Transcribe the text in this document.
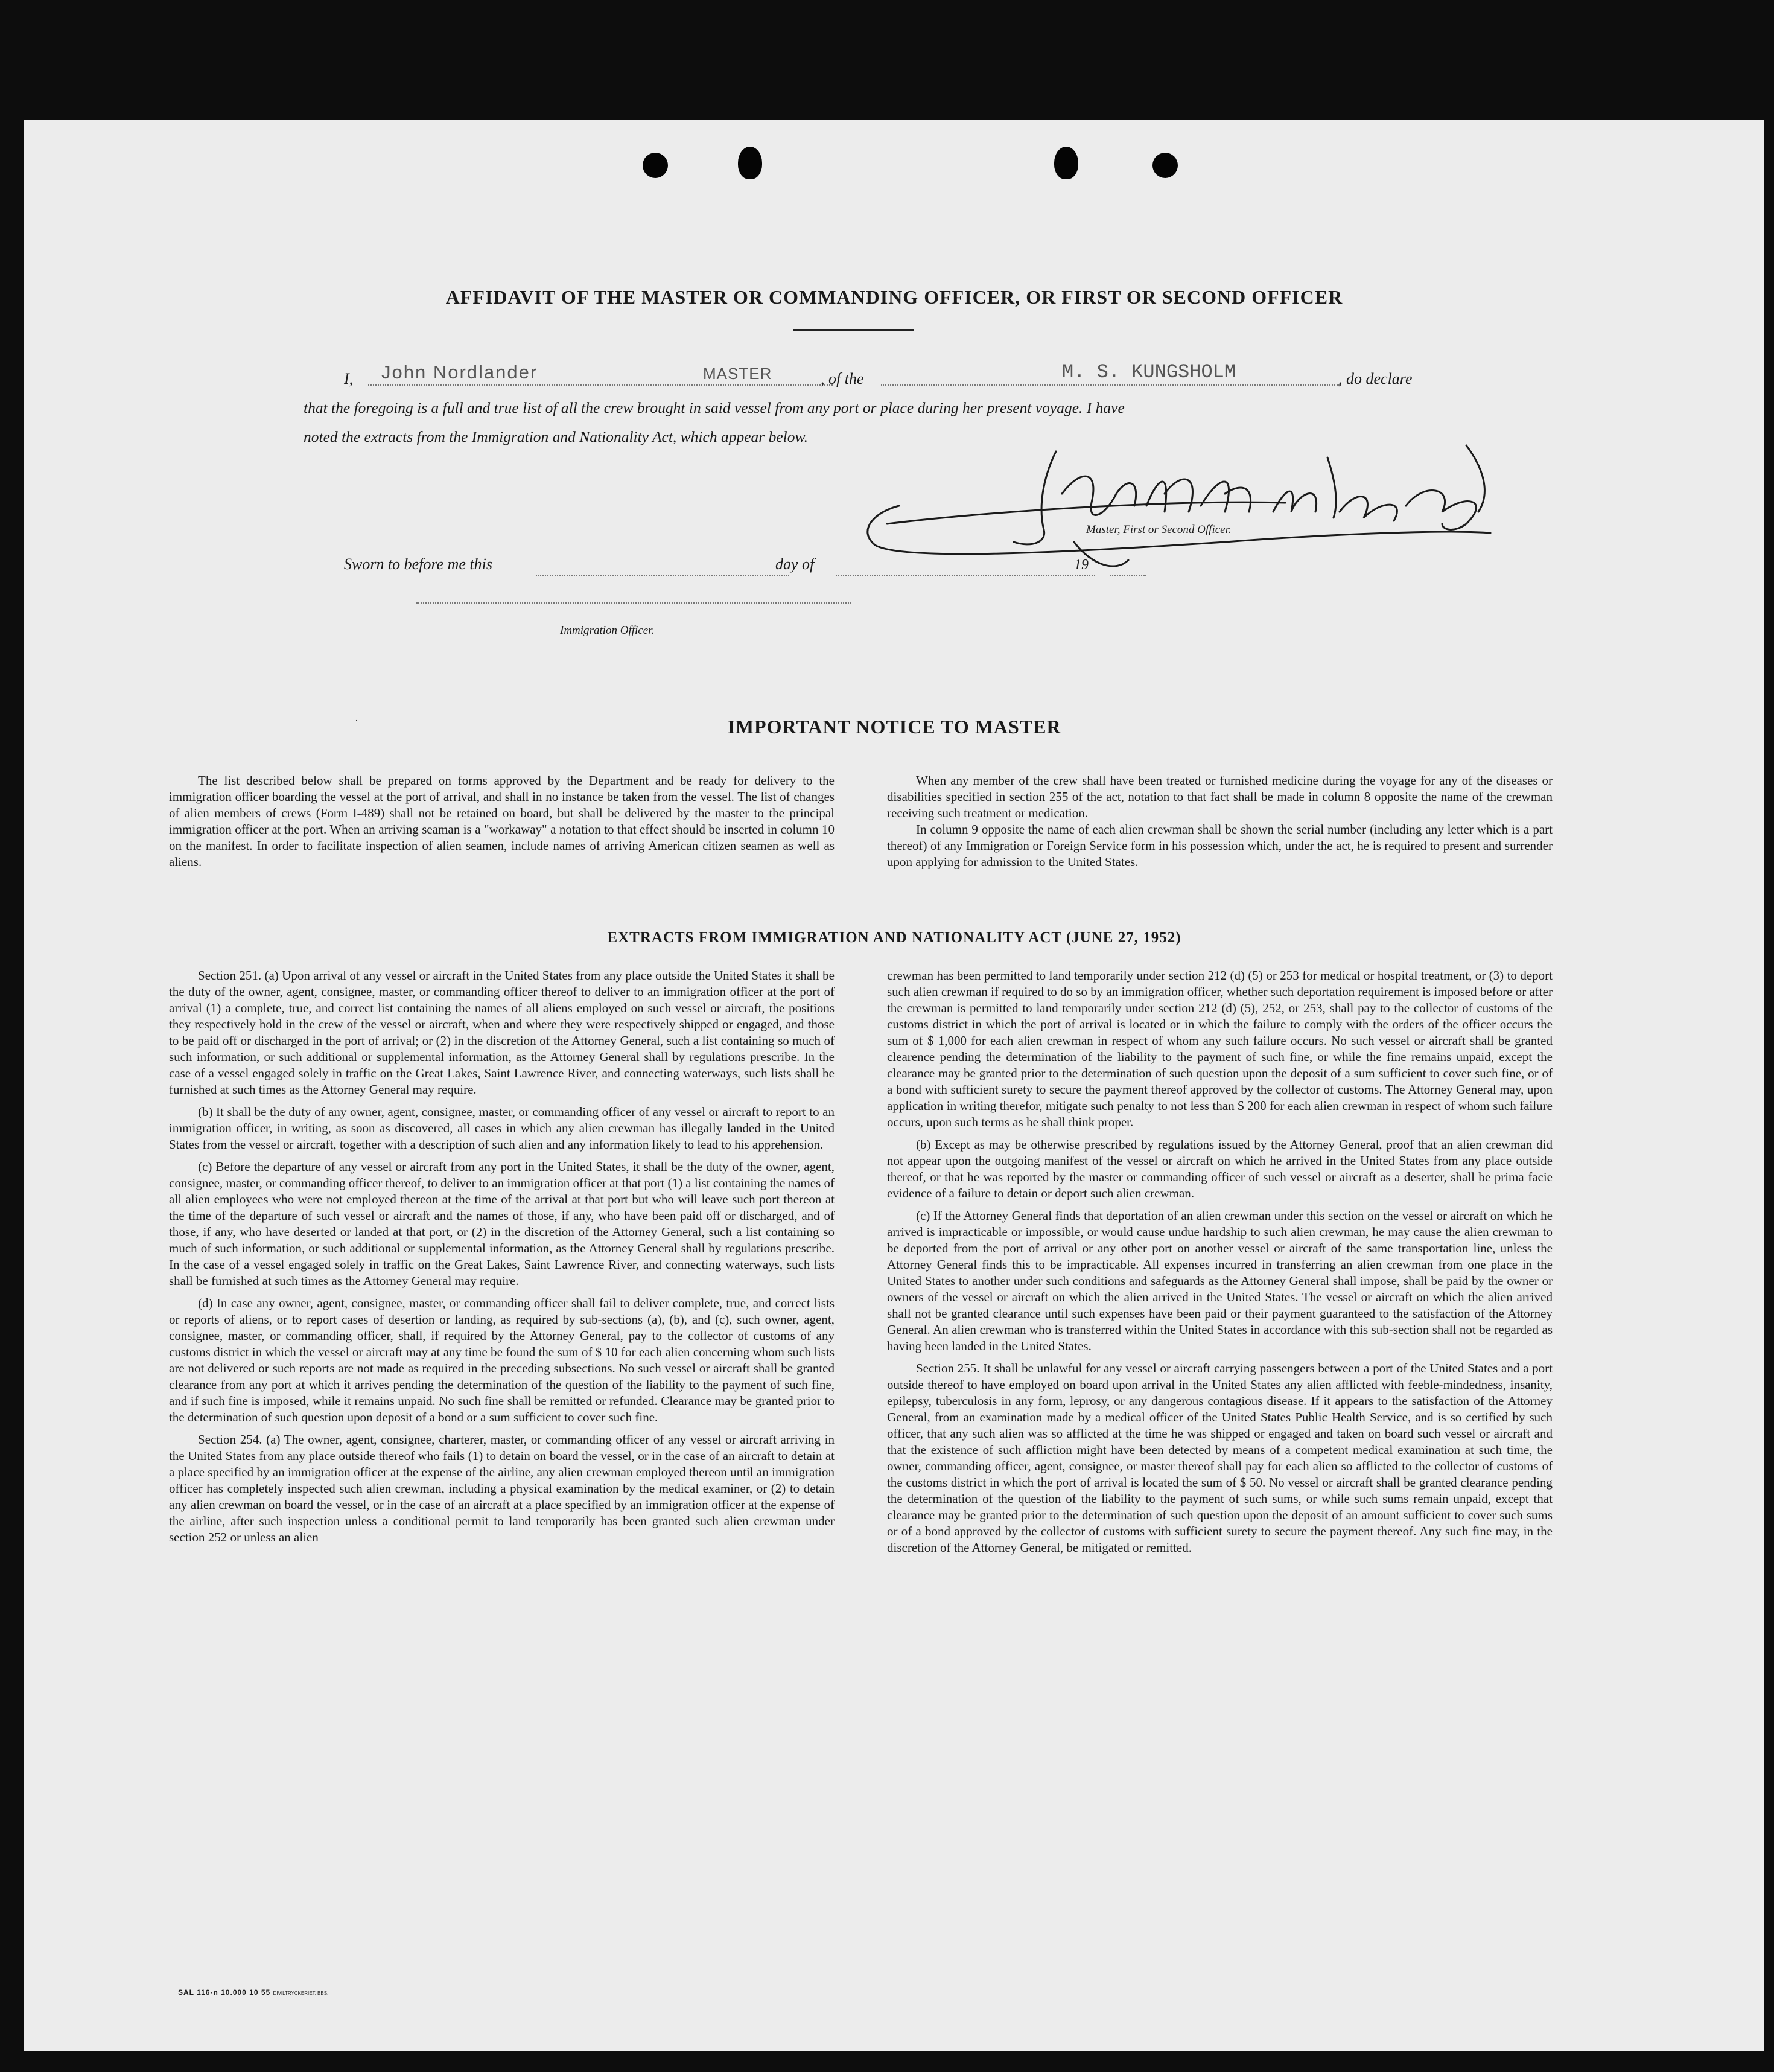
AFFIDAVIT OF THE MASTER OR COMMANDING OFFICER, OR FIRST OR SECOND OFFICER
I, John Nordlander	MASTER	, of the	M. S. KUNGSHOLM	, do declare
that the foregoing is a full and true list of all the crew brought in said vessel from any port or place during her present voyage. I have
noted the extracts from the Immigration and Nationality Act, which appear below.
Master, First or Second Officer.
Sworn to before me this	day of	19
Immigration Officer.
·	IMPORTANT NOTICE TO MASTER

The list described below shall be prepared on forms approved by the Department and be ready for delivery to the immigration officer boarding the vessel at the port of arrival, and shall in no instance be taken from the vessel. The list of changes of alien members of crews (Form I-489) shall not be retained on board, but shall be delivered by the master to the principal immigration officer at the port. When an arriving seaman is a "workaway" a notation to that effect should be inserted in column 10 on the manifest. In order to facilitate inspection of alien seamen, include names of arriving American citizen seamen as well as aliens.

When any member of the crew shall have been treated or furnished medicine during the voyage for any of the diseases or disabilities specified in section 255 of the act, notation to that fact shall be made in column 8 opposite the name of the crewman receiving such treatment or medication.

In column 9 opposite the name of each alien crewman shall be shown the serial number (including any letter which is a part thereof) of any Immigration or Foreign Service form in his possession which, under the act, he is required to present and surrender upon applying for admission to the United States.

EXTRACTS FROM IMMIGRATION AND NATIONALITY ACT (JUNE 27, 1952)

Section 251. (a) Upon arrival of any vessel or aircraft in the United States from any place outside the United States it shall be the duty of the owner, agent, consignee, master, or commanding officer thereof to deliver to an immigration officer at the port of arrival (1) a complete, true, and correct list containing the names of all aliens employed on such vessel or aircraft, the positions they respectively hold in the crew of the vessel or aircraft, when and where they were respectively shipped or engaged, and those to be paid off or discharged in the port of arrival; or (2) in the discretion of the Attorney General, such a list containing so much of such information, or such additional or supplemental information, as the Attorney General shall by regulations prescribe. In the case of a vessel engaged solely in traffic on the Great Lakes, Saint Lawrence River, and connecting waterways, such lists shall be furnished at such times as the Attorney General may require.

(b) It shall be the duty of any owner, agent, consignee, master, or commanding officer of any vessel or aircraft to report to an immigration officer, in writing, as soon as discovered, all cases in which any alien crewman has illegally landed in the United States from the vessel or aircraft, together with a description of such alien and any information likely to lead to his apprehension.

(c) Before the departure of any vessel or aircraft from any port in the United States, it shall be the duty of the owner, agent, consignee, master, or commanding officer thereof, to deliver to an immigration officer at that port (1) a list containing the names of all alien employees who were not employed thereon at the time of the arrival at that port but who will leave such port thereon at the time of the departure of such vessel or aircraft and the names of those, if any, who have been paid off or discharged, and of those, if any, who have deserted or landed at that port, or (2) in the discretion of the Attorney General, such a list containing so much of such information, or such additional or supplemental information, as the Attorney General shall by regulations prescribe. In the case of a vessel engaged solely in traffic on the Great Lakes, Saint Lawrence River, and connecting waterways, such lists shall be furnished at such times as the Attorney General may require.

(d) In case any owner, agent, consignee, master, or commanding officer shall fail to deliver complete, true, and correct lists or reports of aliens, or to report cases of desertion or landing, as required by sub-sections (a), (b), and (c), such owner, agent, consignee, master, or commanding officer, shall, if required by the Attorney General, pay to the collector of customs of any customs district in which the vessel or aircraft may at any time be found the sum of $ 10 for each alien concerning whom such lists are not delivered or such reports are not made as required in the preceding subsections. No such vessel or aircraft shall be granted clearance from any port at which it arrives pending the determination of the question of the liability to the payment of such fine, and if such fine is imposed, while it remains unpaid. No such fine shall be remitted or refunded. Clearance may be granted prior to the determination of such question upon deposit of a bond or a sum sufficient to cover such fine.

Section 254. (a) The owner, agent, consignee, charterer, master, or commanding officer of any vessel or aircraft arriving in the United States from any place outside thereof who fails (1) to detain on board the vessel, or in the case of an aircraft to detain at a place specified by an immigration officer at the expense of the airline, any alien crewman employed thereon until an immigration officer has completely inspected such alien crewman, including a physical examination by the medical examiner, or (2) to detain any alien crewman on board the vessel, or in the case of an aircraft at a place specified by an immigration officer at the expense of the airline, after such inspection unless a conditional permit to land temporarily has been granted such alien crewman under section 252 or unless an alien

crewman has been permitted to land temporarily under section 212 (d) (5) or 253 for medical or hospital treatment, or (3) to deport such alien crewman if required to do so by an immigration officer, whether such deportation requirement is imposed before or after the crewman is permitted to land temporarily under section 212 (d) (5), 252, or 253, shall pay to the collector of customs of the customs district in which the port of arrival is located or in which the failure to comply with the orders of the officer occurs the sum of $ 1,000 for each alien crewman in respect of whom any such failure occurs. No such vessel or aircraft shall be granted clearence pending the determination of the liability to the payment of such fine, or while the fine remains unpaid, except the clearance may be granted prior to the determination of such question upon the deposit of a sum sufficient to cover such fine, or of a bond with sufficient surety to secure the payment thereof approved by the collector of customs. The Attorney General may, upon application in writing therefor, mitigate such penalty to not less than $ 200 for each alien crewman in respect of whom such failure occurs, upon such terms as he shall think proper.

(b) Except as may be otherwise prescribed by regulations issued by the Attorney General, proof that an alien crewman did not appear upon the outgoing manifest of the vessel or aircraft on which he arrived in the United States from any place outside thereof, or that he was reported by the master or commanding officer of such vessel or aircraft as a deserter, shall be prima facie evidence of a failure to detain or deport such alien crewman.

(c) If the Attorney General finds that deportation of an alien crewman under this section on the vessel or aircraft on which he arrived is impracticable or impossible, or would cause undue hardship to such alien crewman, he may cause the alien crewman to be deported from the port of arrival or any other port on another vessel or aircraft of the same transportation line, unless the Attorney General finds this to be impracticable. All expenses incurred in transferring an alien crewman from one place in the United States to another under such conditions and safeguards as the Attorney General shall impose, shall be paid by the owner or owners of the vessel or aircraft on which the alien arrived in the United States. The vessel or aircraft on which the alien arrived shall not be granted clearance until such expenses have been paid or their payment guaranteed to the satisfaction of the Attorney General. An alien crewman who is transferred within the United States in accordance with this sub-section shall not be regarded as having been landed in the United States.

Section 255. It shall be unlawful for any vessel or aircraft carrying passengers between a port of the United States and a port outside thereof to have employed on board upon arrival in the United States any alien afflicted with feeble-mindedness, insanity, epilepsy, tuberculosis in any form, leprosy, or any dangerous contagious disease. If it appears to the satisfaction of the Attorney General, from an examination made by a medical officer of the United States Public Health Service, and is so certified by such officer, that any such alien was so afflicted at the time he was shipped or engaged and taken on board such vessel or aircraft and that the existence of such affliction might have been detected by means of a competent medical examination at such time, the owner, commanding officer, agent, consignee, or master thereof shall pay for each alien so afflicted to the collector of customs of the customs district in which the port of arrival is located the sum of $ 50. No vessel or aircraft shall be granted clearance pending the determination of the question of the liability to the payment of such sums, or while such sums remain unpaid, except that clearance may be granted prior to the determination of such question upon the deposit of an amount sufficient to cover such sums or of a bond approved by the collector of customs with sufficient surety to secure the payment thereof. Any such fine may, in the discretion of the Attorney General, be mitigated or remitted.

SAL 116-n 10.000 10 55 DIVILTRYCKERIET, BBS.
